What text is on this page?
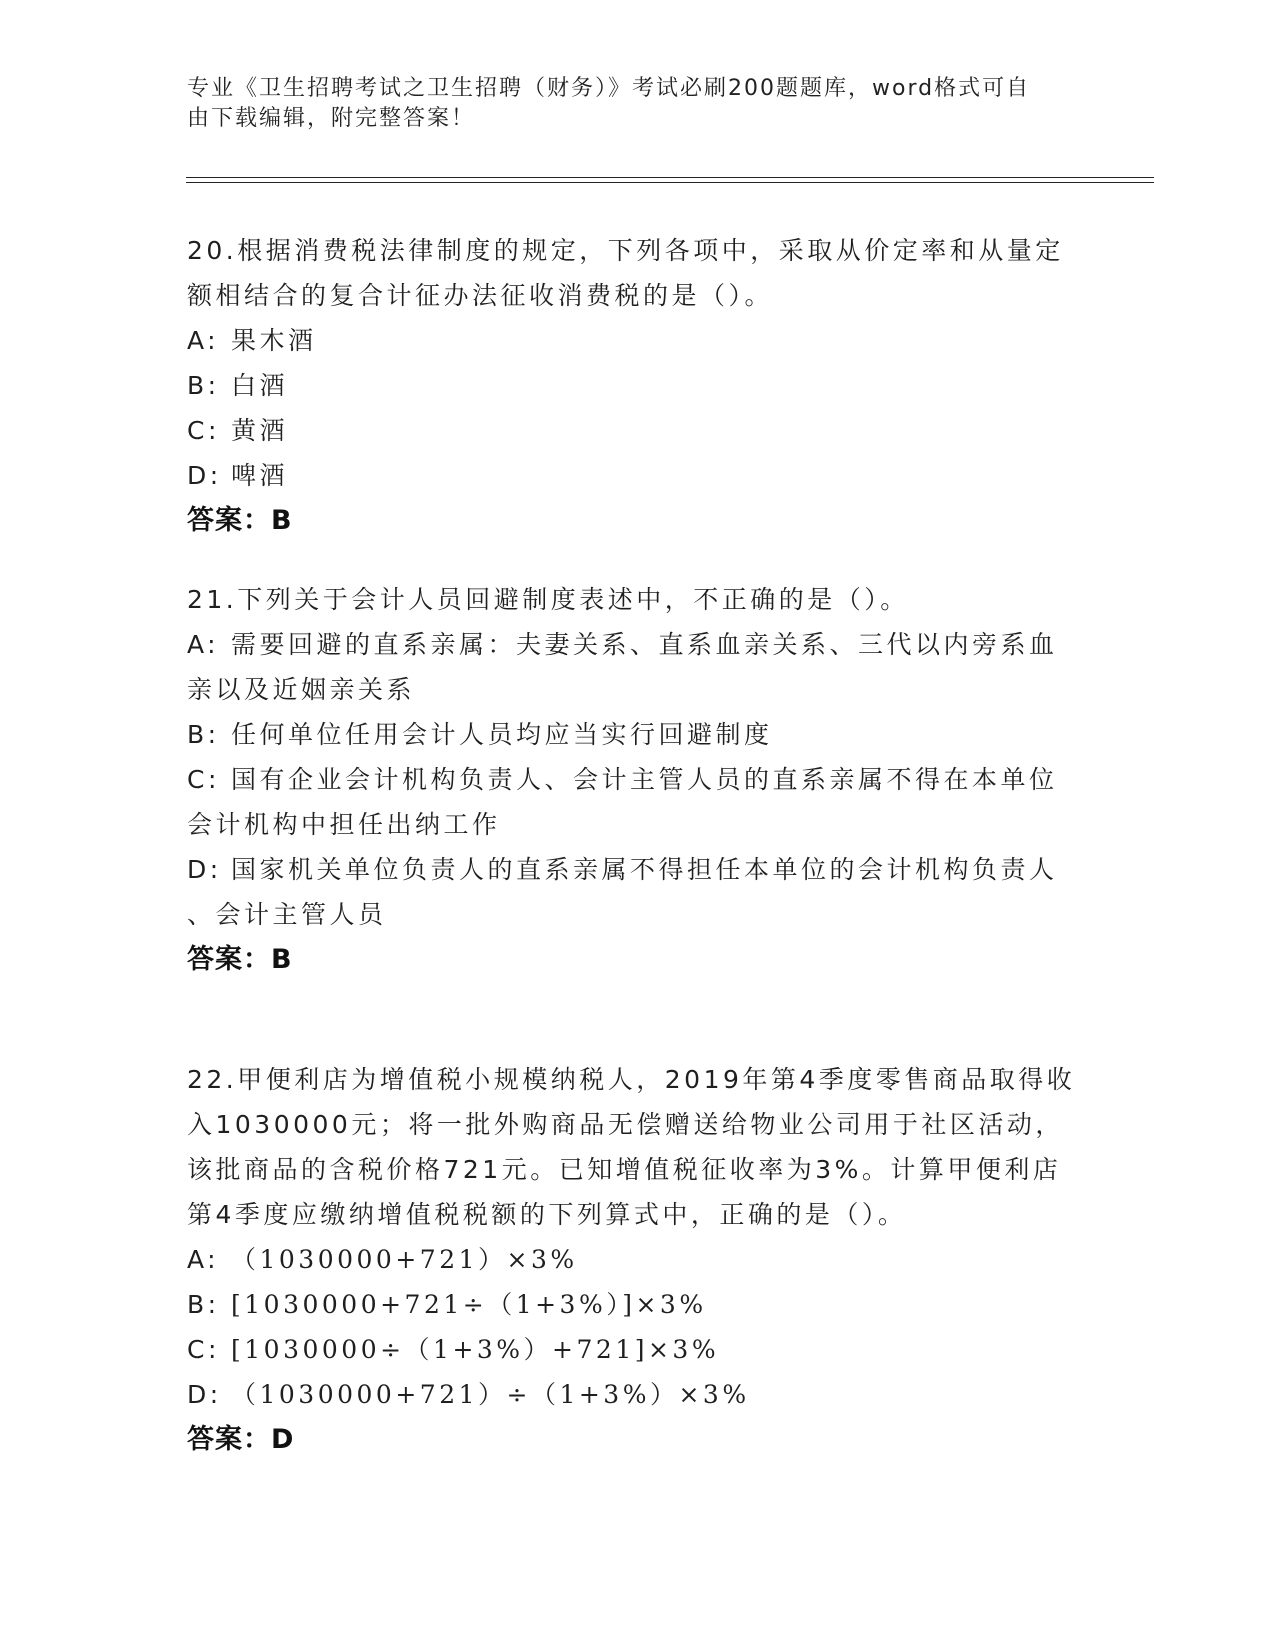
专业《卫生招聘考试之卫生招聘（财务）》考试必刷200题题库，word格式可自
由下载编辑，附完整答案！

20.根据消费税法律制度的规定，下列各项中，采取从价定率和从量定

额相结合的复合计征办法征收消费税的是（）。

A: 果木酒

B: 白酒

C: 黄酒

D: 啤酒

答案：B

21.下列关于会计人员回避制度表述中，不正确的是（）。

A: 需要回避的直系亲属：夫妻关系、直系血亲关系、三代以内旁系血

亲以及近姻亲关系

B: 任何单位任用会计人员均应当实行回避制度

C: 国有企业会计机构负责人、会计主管人员的直系亲属不得在本单位

会计机构中担任出纳工作

D: 国家机关单位负责人的直系亲属不得担任本单位的会计机构负责人

、会计主管人员

答案：B

22.甲便利店为增值税小规模纳税人，2019年第4季度零售商品取得收

入1030000元；将一批外购商品无偿赠送给物业公司用于社区活动，

该批商品的含税价格721元。已知增值税征收率为3%。计算甲便利店

第4季度应缴纳增值税税额的下列算式中，正确的是（）。

A: （1030000+721）×3%

B: [1030000+721÷（1+3%）]×3%

C: [1030000÷（1+3%）+721]×3%

D: （1030000+721）÷（1+3%）×3%

答案：D
